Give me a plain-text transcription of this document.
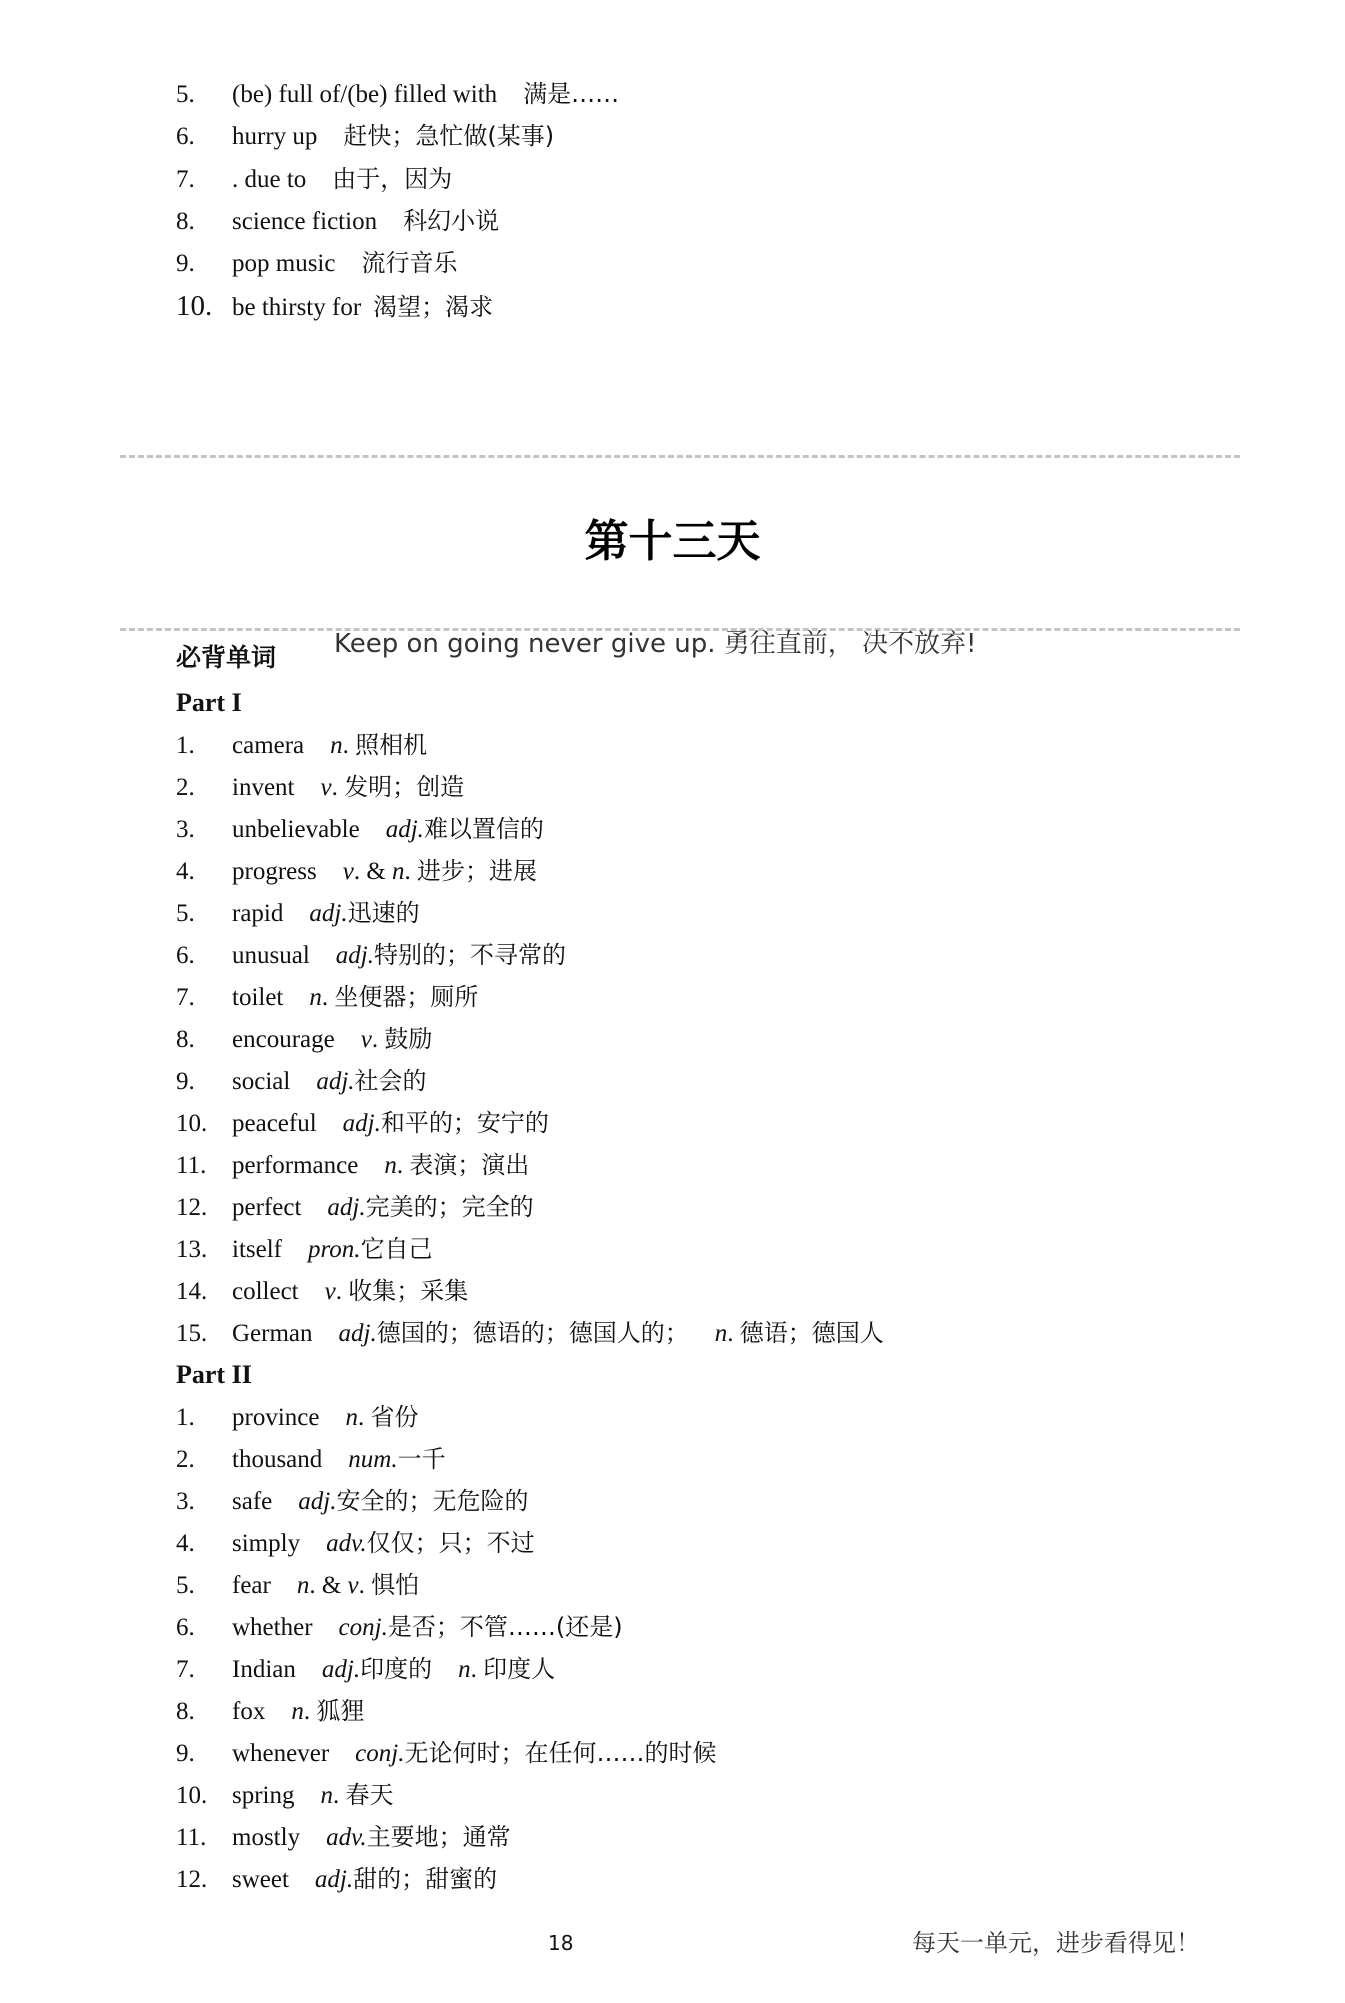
5. (be) full of/(be) filled with 满是……
6. hurry up 赶快；急忙做(某事)
7. . due to 由于，因为
8. science fiction 科幻小说
9. pop music 流行音乐
10. be thirsty for 渴望；渴求
第十三天
必背单词 Keep on going never give up. 勇往直前， 决不放弃!
Part I
1. camera n. 照相机
2. invent v. 发明；创造
3. unbelievable adj.难以置信的
4. progress v. & n. 进步；进展
5. rapid adj.迅速的
6. unusual adj.特别的；不寻常的
7. toilet n. 坐便器；厕所
8. encourage v. 鼓励
9. social adj.社会的
10. peaceful adj.和平的；安宁的
11. performance n. 表演；演出
12. perfect adj.完美的；完全的
13. itself pron.它自己
14. collect v. 收集；采集
15. German adj.德国的；德语的；德国人的； n. 德语；德国人
Part II
1. province n. 省份
2. thousand num.一千
3. safe adj.安全的；无危险的
4. simply adv.仅仅；只；不过
5. fear n. & v. 惧怕
6. whether conj.是否；不管……(还是)
7. Indian adj.印度的 n. 印度人
8. fox n. 狐狸
9. whenever conj.无论何时；在任何……的时候
10. spring n. 春天
11. mostly adv.主要地；通常
12. sweet adj.甜的；甜蜜的
18	每天一单元，进步看得见！
